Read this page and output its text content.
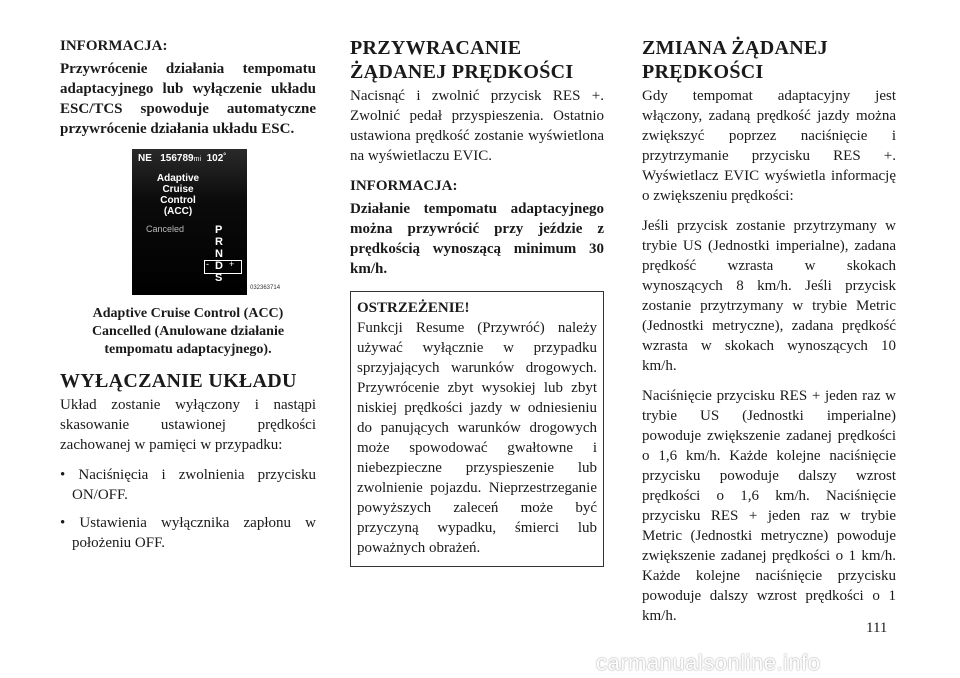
INFORMACJA:

Przywrócenie działania tempomatu adaptacyjnego lub wyłączenie układu ESC/TCS spowoduje automatyczne przywrócenie działania układu ESC.

NE 156789mi 102°
Adaptive
Cruise
Control
(ACC)
Canceled	P
R
N
D
S
- +
032363714
Adaptive Cruise Control (ACC)
Cancelled (Anulowane działanie
tempomatu adaptacyjnego).
WYŁĄCZANIE UKŁADU

Układ zostanie wyłączony i nastąpi skasowanie ustawionej prędkości zachowanej w pamięci w przypadku:

• Naciśnięcia i zwolnienia przycisku ON/OFF.
• Ustawienia wyłącznika zapłonu w położeniu OFF.
PRZYWRACANIE
ŻĄDANEJ PRĘDKOŚCI

Nacisnąć i zwolnić przycisk RES +. Zwolnić pedał przyspieszenia. Ostatnio ustawiona prędkość zostanie wyświetlona na wyświetlaczu EVIC.

INFORMACJA:

Działanie tempomatu adaptacyjnego można przywrócić przy jeździe z prędkością wynoszącą minimum 30 km/h.

OSTRZEŻENIE!

Funkcji Resume (Przywróć) należy używać wyłącznie w przypadku sprzyjających warunków drogowych. Przywrócenie zbyt wysokiej lub zbyt niskiej prędkości jazdy w odniesieniu do panujących warunków drogowych może spowodować gwałtowne i niebezpieczne przyspieszenie lub zwolnienie pojazdu. Nieprzestrzeganie powyższych zaleceń może być przyczyną wypadku, śmierci lub poważnych obrażeń.

ZMIANA ŻĄDANEJ
PRĘDKOŚCI

Gdy tempomat adaptacyjny jest włączony, zadaną prędkość jazdy można zwiększyć poprzez naciśnięcie i przytrzymanie przycisku RES +. Wyświetlacz EVIC wyświetla informację o zwiększeniu prędkości:

Jeśli przycisk zostanie przytrzymany w trybie US (Jednostki imperialne), zadana prędkość wzrasta w skokach wynoszących 8 km/h. Jeśli przycisk zostanie przytrzymany w trybie Metric (Jednostki metryczne), zadana prędkość wzrasta w skokach wynoszących 10 km/h.

Naciśnięcie przycisku RES + jeden raz w trybie US (Jednostki imperialne) powoduje zwiększenie zadanej prędkości o 1,6 km/h. Każde kolejne naciśnięcie przycisku powoduje dalszy wzrost prędkości o 1,6 km/h. Naciśnięcie przycisku RES + jeden raz w trybie Metric (Jednostki metryczne) powoduje zwiększenie zadanej prędkości o 1 km/h. Każde kolejne naciśnięcie przycisku powoduje dalszy wzrost prędkości o 1 km/h.

111
carmanualsonline.info
